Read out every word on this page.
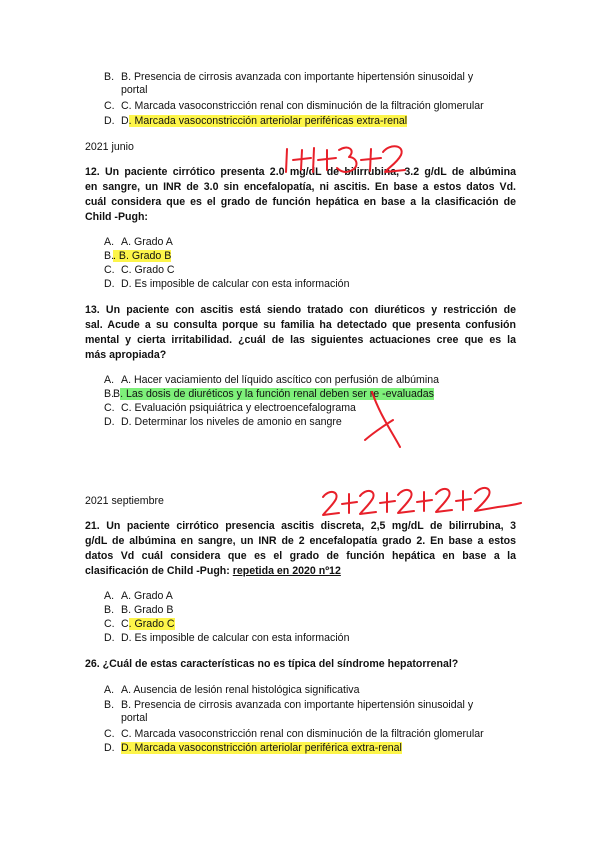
B. B. Presencia de cirrosis avanzada con importante hipertensión sinusoidal y
portal
C. C. Marcada vasoconstricción renal con disminución de la filtración glomerular
D. D. Marcada vasoconstricción arteriolar periféricas extra-renal
2021 junio
12. Un paciente cirrótico presenta 2.0 mg/dL de bilirrubina, 3.2 g/dL de albúmina
en sangre, un INR de 3.0 sin encefalopatía, ni ascitis. En base a estos datos Vd.
cuál considera que es el grado de función hepática en base a la clasificación de
Child -Pugh:
A. A. Grado A
B.
. B. Grado B
C. C. Grado C
D. D. Es imposible de calcular con esta información
13. Un paciente con ascitis está siendo tratado con diuréticos y restricción de
sal. Acude a su consulta porque su familia ha detectado que presenta confusión
mental y cierta irritabilidad. ¿cuál de las siguientes actuaciones cree que es la
más apropiada?
A. A. Hacer vaciamiento del líquido ascítico con perfusión de albúmina
B.
B. Las dosis de diuréticos y la función renal deben ser re -evaluadas
C. C. Evaluación psiquiátrica y electroencefalograma
D. D. Determinar los niveles de amonio en sangre
2021 septiembre
21. Un paciente cirrótico presencia ascitis discreta, 2,5 mg/dL de bilirrubina, 3
g/dL de albúmina en sangre, un INR de 2 encefalopatía grado 2. En base a estos
datos Vd cuál considera que es el grado de función hepática en base a la
clasificación de Child -Pugh: repetida en 2020 nº12
A. A. Grado A
B. B. Grado B
C. C. Grado C
D. D. Es imposible de calcular con esta información
26. ¿Cuál de estas características no es típica del síndrome hepatorrenal?
A. A. Ausencia de lesión renal histológica significativa
B. B. Presencia de cirrosis avanzada con importante hipertensión sinusoidal y
portal
C. C. Marcada vasoconstricción renal con disminución de la filtración glomerular
D. D. Marcada vasoconstricción arteriolar periférica extra-renal
